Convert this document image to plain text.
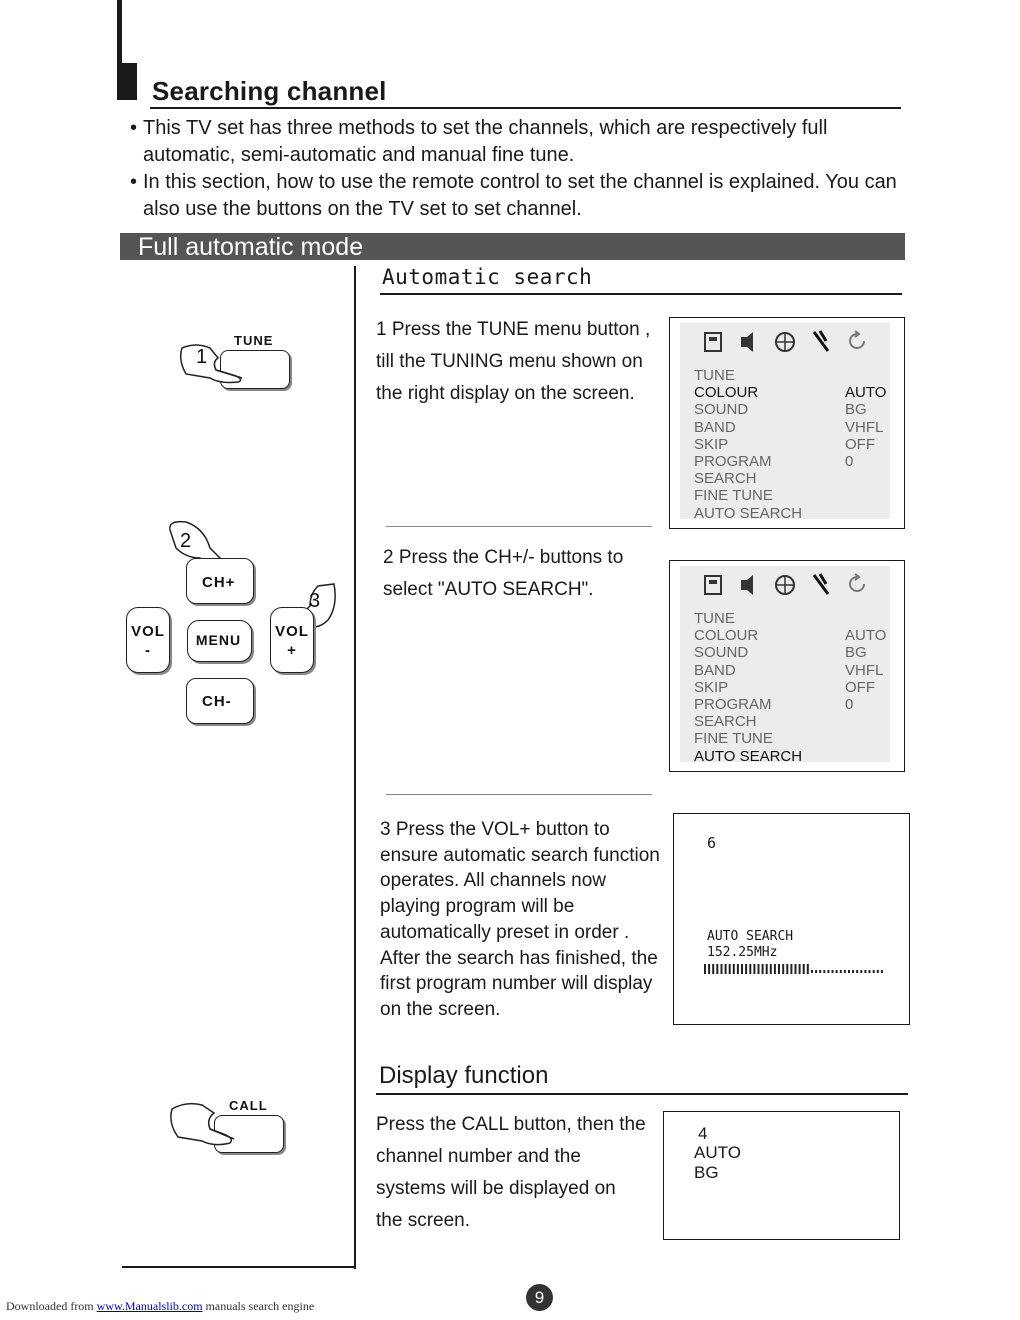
Searching channel
• This TV set has three methods to set the channels, which are respectively full automatic, semi-automatic and manual fine tune.
• In this section, how to use the remote control to set the channel is explained. You can also use the buttons on the TV set to set channel.
Full automatic mode
Automatic search
1 Press the TUNE menu button , till the TUNING menu shown on the right display on the screen.
2 Press the CH+/- buttons to select "AUTO SEARCH".
3 Press the VOL+ button to ensure automatic search function operates. All channels now playing program will be automatically preset in order . After the search has finished, the first program number will display on the screen.
TUNE
COLOUR	AUTO
SOUND	BG
BAND	VHFL
SKIP	OFF
PROGRAM	0
SEARCH
FINE TUNE
AUTO SEARCH
TUNE
COLOUR	AUTO
SOUND	BG
BAND	VHFL
SKIP	OFF
PROGRAM	0
SEARCH
FINE TUNE
AUTO SEARCH
6
AUTO SEARCH
152.25MHz
Display function
Press the CALL button, then the channel number and the systems will be displayed on the screen.
4
AUTO
BG
TUNE
1
2
CH+
3
VOL
-
MENU	VOL
+
CH-
CALL
Downloaded from www.Manualslib.com manuals search engine	9
